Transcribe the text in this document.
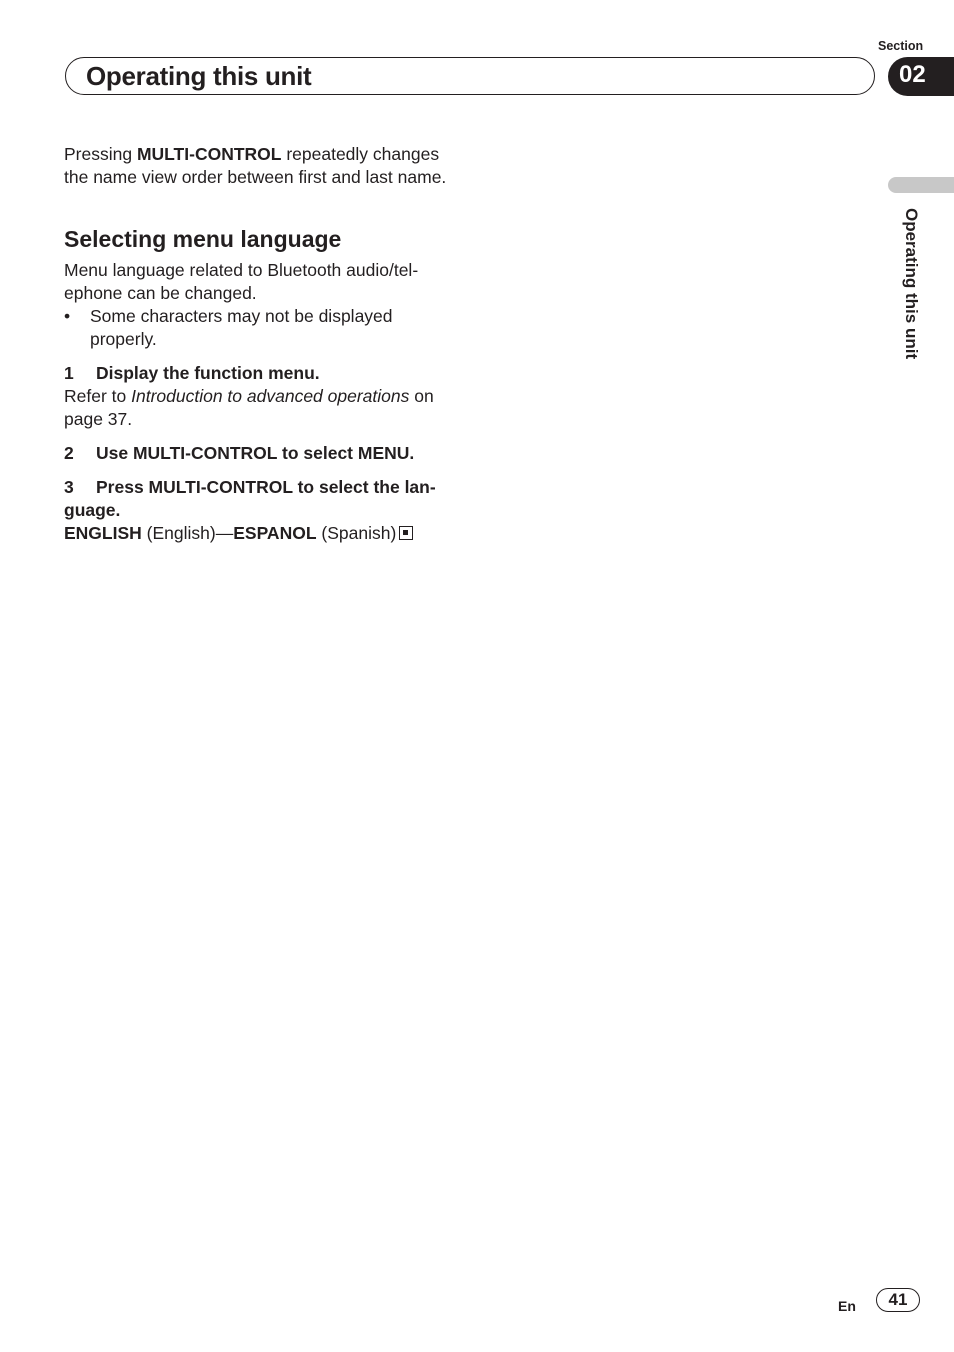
Section
Operating this unit	02
Operating this unit

Pressing MULTI-CONTROL repeatedly changes the name view order between first and last name.

Selecting menu language

Menu language related to Bluetooth audio/tel-ephone can be changed.

• Some characters may not be displayed properly.
1 Display the function menu.

Refer to Introduction to advanced operations on page 37.

2 Use MULTI-CONTROL to select MENU.
3 Press MULTI-CONTROL to select the lan-guage.

ENGLISH (English)—ESPANOL (Spanish)

En	41
